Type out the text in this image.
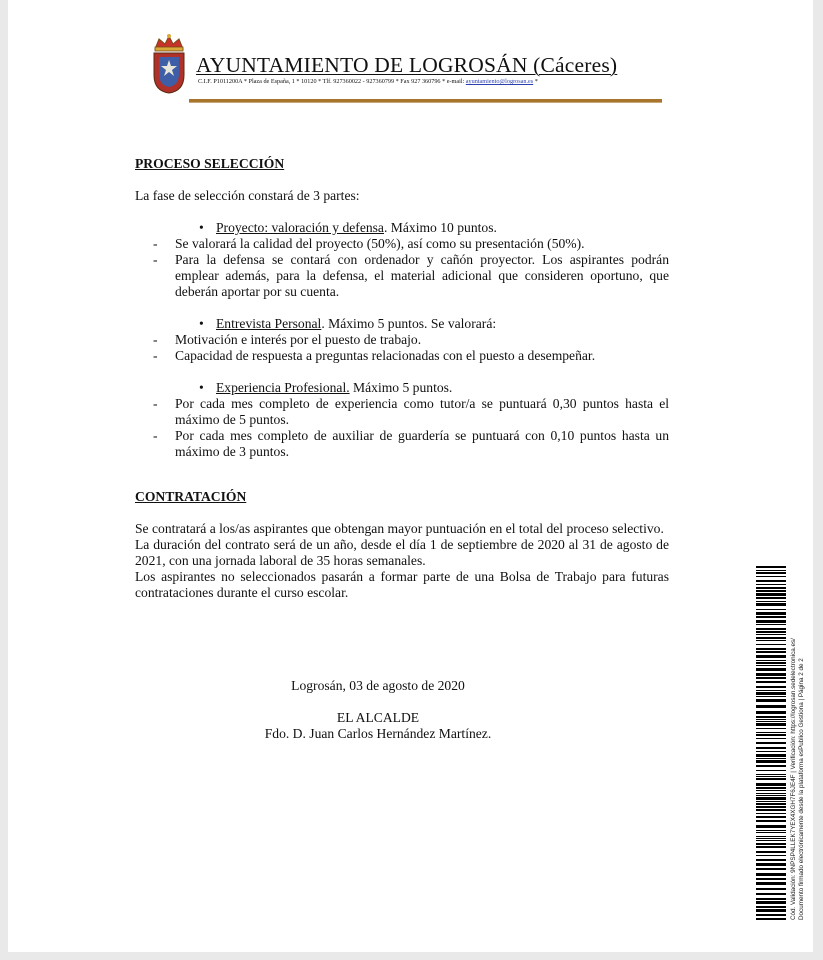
AYUNTAMIENTO DE LOGROSÁN (Cáceres)
C.I.F. P1011200A * Plaza de España, 1 * 10120 * Tlf. 927360022 - 927360799 * Fax 927 360796 * e-mail: ayuntamiento@logrosan.es *
PROCESO SELECCIÓN
La fase de selección constará de 3 partes:
• Proyecto: valoración y defensa. Máximo 10 puntos.
- Se valorará la calidad del proyecto (50%), así como su presentación (50%).
- Para la defensa se contará con ordenador y cañón proyector. Los aspirantes podrán emplear además, para la defensa, el material adicional que consideren oportuno, que deberán aportar por su cuenta.
• Entrevista Personal. Máximo 5 puntos. Se valorará:
- Motivación e interés por el puesto de trabajo.
- Capacidad de respuesta a preguntas relacionadas con el puesto a desempeñar.
• Experiencia Profesional. Máximo 5 puntos.
- Por cada mes completo de experiencia como tutor/a se puntuará 0,30 puntos hasta el máximo de 5 puntos.
- Por cada mes completo de auxiliar de guardería se puntuará con 0,10 puntos hasta un máximo de 3 puntos.
CONTRATACIÓN
Se contratará a los/as aspirantes que obtengan mayor puntuación en el total del proceso selectivo.
La duración del contrato será de un año, desde el día 1 de septiembre de 2020 al 31 de agosto de 2021, con una jornada laboral de 35 horas semanales.
Los aspirantes no seleccionados pasarán a formar parte de una Bolsa de Trabajo para futuras contrataciones durante el curso escolar.
Logrosán, 03 de agosto de 2020
EL ALCALDE
Fdo. D. Juan Carlos Hernández Martínez.	Cód. Validación: 9NPSP4LLEK7YEX4XGH7F6JE4F | Verificación: https://logrosan.sedelectronica.es/ Documento firmado electrónicamente desde la plataforma esPublico Gestiona | Página 2 de 2
